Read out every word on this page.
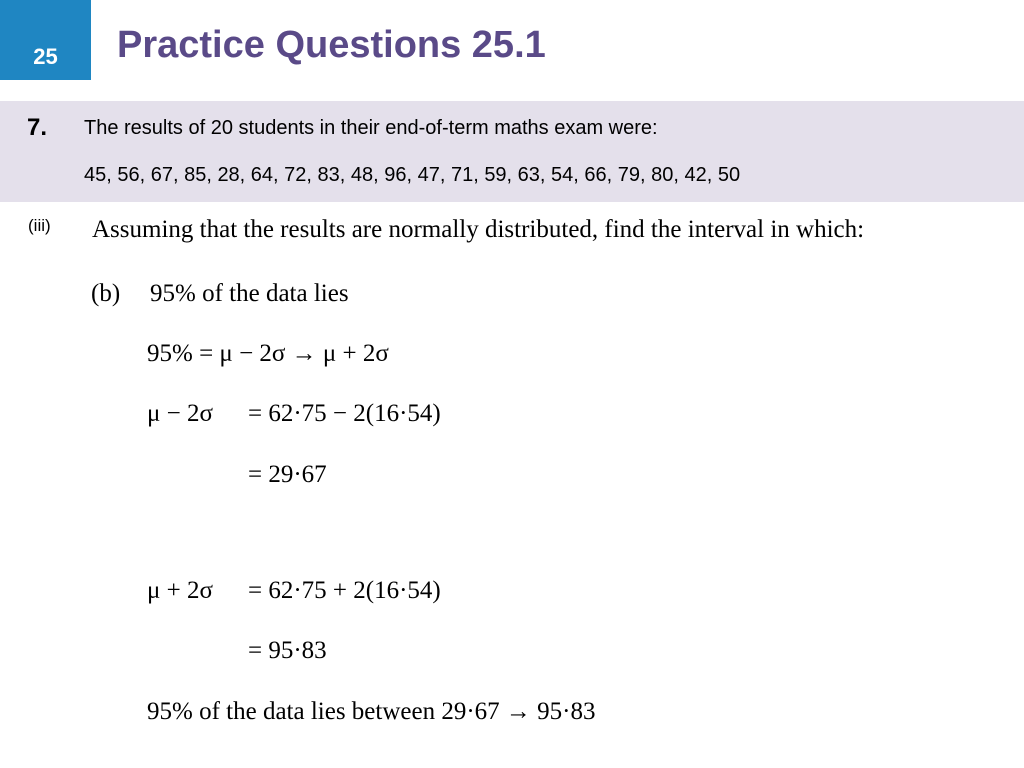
25 Practice Questions 25.1
7. The results of 20 students in their end-of-term maths exam were:
45, 56, 67, 85, 28, 64, 72, 83, 48, 96, 47, 71, 59, 63, 54, 66, 79, 80, 42, 50
(iii) Assuming that the results are normally distributed, find the interval in which:
(b) 95% of the data lies
95% = μ − 2σ → μ + 2σ
μ − 2σ = 62·75 − 2(16·54)
= 29·67
μ + 2σ = 62·75 + 2(16·54)
= 95·83
95% of the data lies between 29·67 → 95·83
